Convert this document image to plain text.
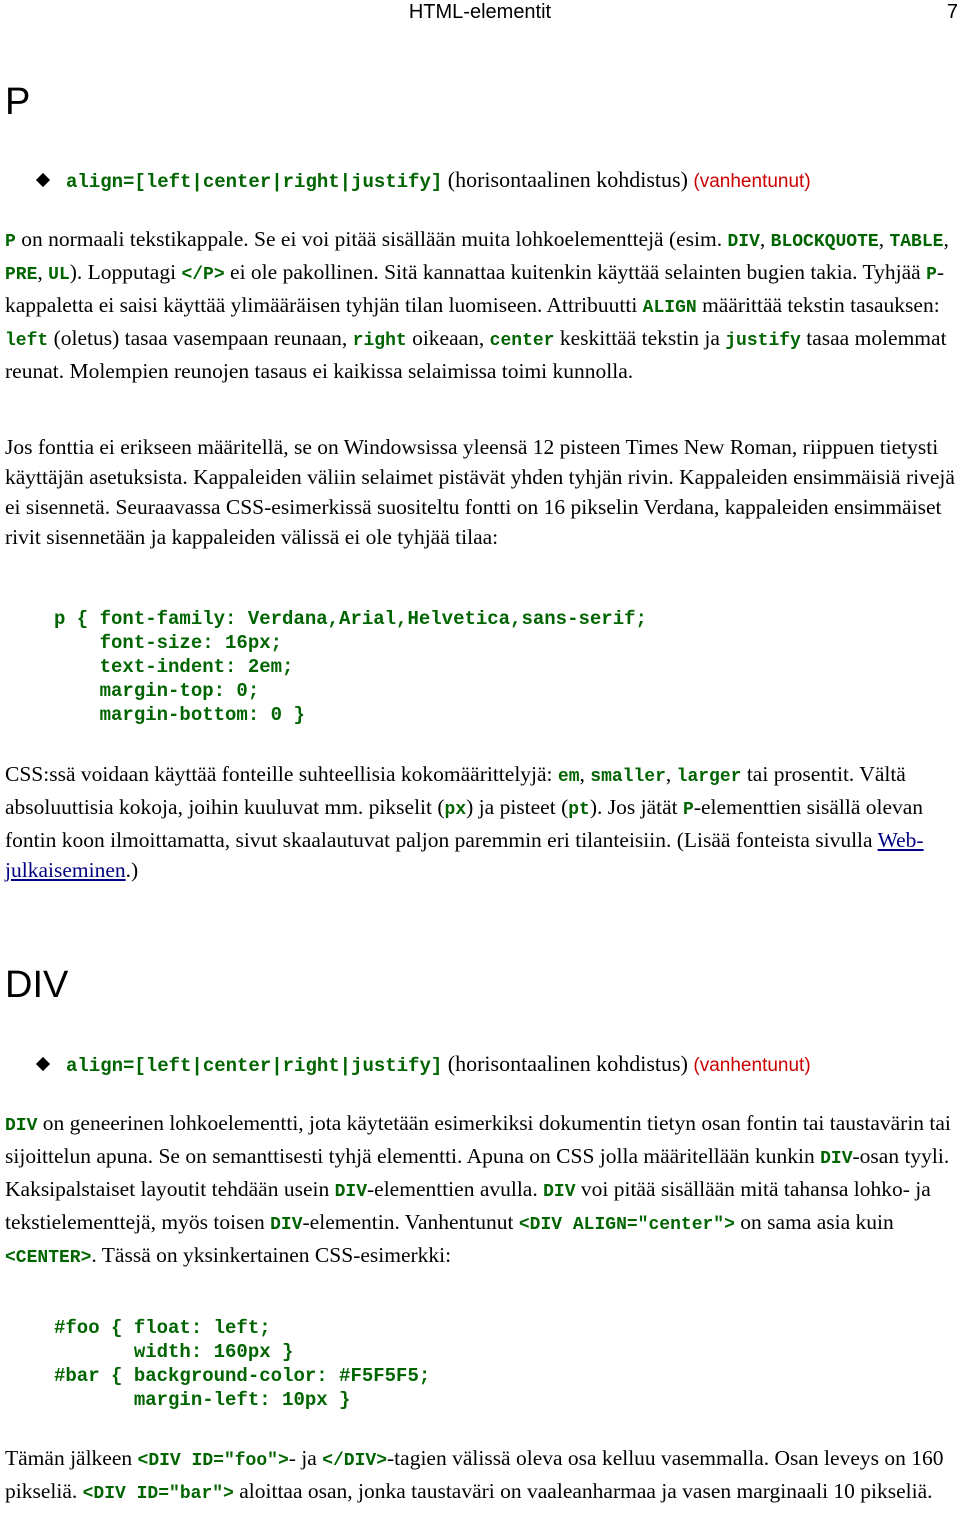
HTML-elementit	7
P
align=[left|center|right|justify] (horisontaalinen kohdistus) (vanhentunut)

P on normaali tekstikappale. Se ei voi pitää sisällään muita lohkoelementtejä (esim. DIV, BLOCKQUOTE, TABLE, PRE, UL). Lopputagi </P> ei ole pakollinen. Sitä kannattaa kuitenkin käyttää selainten bugien takia. Tyhjää P-kappaletta ei saisi käyttää ylimääräisen tyhjän tilan luomiseen. Attribuutti ALIGN määrittää tekstin tasauksen: left (oletus) tasaa vasempaan reunaan, right oikeaan, center keskittää tekstin ja justify tasaa molemmat reunat. Molempien reunojen tasaus ei kaikissa selaimissa toimi kunnolla.

Jos fonttia ei erikseen määritellä, se on Windowsissa yleensä 12 pisteen Times New Roman, riippuen tietysti käyttäjän asetuksista. Kappaleiden väliin selaimet pistävät yhden tyhjän rivin. Kappaleiden ensimmäisiä rivejä ei sisennetä. Seuraavassa CSS-esimerkissä suositeltu fontti on 16 pikselin Verdana, kappaleiden ensimmäiset rivit sisennetään ja kappaleiden välissä ei ole tyhjää tilaa:

p { font-family: Verdana,Arial,Helvetica,sans-serif;
font-size: 16px;
text-indent: 2em;
margin-top: 0;
margin-bottom: 0 }

CSS:ssä voidaan käyttää fonteille suhteellisia kokomäärittelyjä: em, smaller, larger tai prosentit. Vältä absoluuttisia kokoja, joihin kuuluvat mm. pikselit (px) ja pisteet (pt). Jos jätät P-elementtien sisällä olevan fontin koon ilmoittamatta, sivut skaalautuvat paljon paremmin eri tilanteisiin. (Lisää fonteista sivulla Web-julkaiseminen.)

DIV
align=[left|center|right|justify] (horisontaalinen kohdistus) (vanhentunut)

DIV on geneerinen lohkoelementti, jota käytetään esimerkiksi dokumentin tietyn osan fontin tai taustavärin tai sijoittelun apuna. Se on semanttisesti tyhjä elementti. Apuna on CSS jolla määritellään kunkin DIV-osan tyyli. Kaksipalstaiset layoutit tehdään usein DIV-elementtien avulla. DIV voi pitää sisällään mitä tahansa lohko- ja tekstielementtejä, myös toisen DIV-elementin. Vanhentunut <DIV ALIGN="center"> on sama asia kuin <CENTER>. Tässä on yksinkertainen CSS-esimerkki:

#foo { float: left;
width: 160px }
#bar { background-color: #F5F5F5;
margin-left: 10px }

Tämän jälkeen <DIV ID="foo">- ja </DIV>-tagien välissä oleva osa kelluu vasemmalla. Osan leveys on 160 pikseliä. <DIV ID="bar"> aloittaa osan, jonka taustaväri on vaaleanharmaa ja vasen marginaali 10 pikseliä.
